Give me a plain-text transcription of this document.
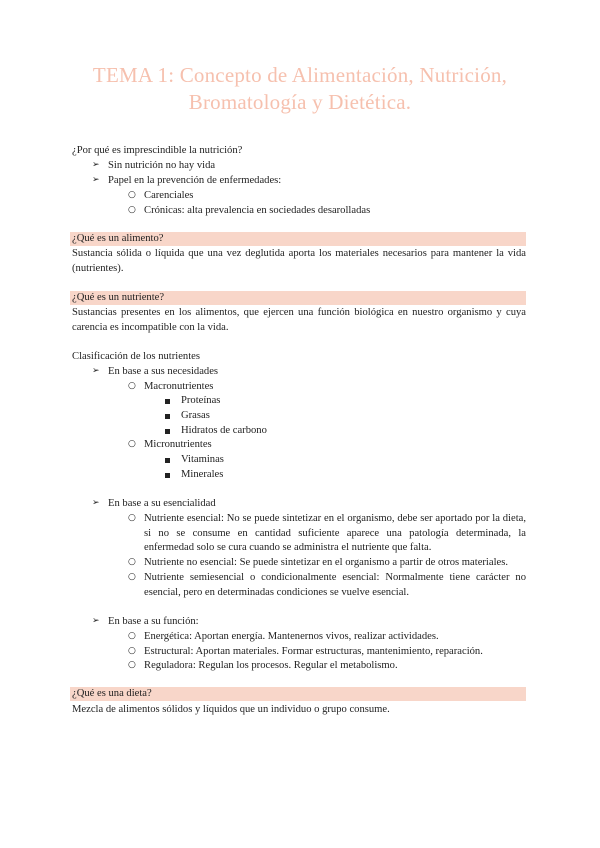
TEMA 1: Concepto de Alimentación, Nutrición,
Bromatología y Dietética.
¿Por qué es imprescindible la nutrición?
➢ Sin nutrición no hay vida
➢ Papel en la prevención de enfermedades:
○ Carenciales
○ Crónicas: alta prevalencia en sociedades desarolladas
¿Qué es un alimento?
Sustancia sólida o líquida que una vez deglutida aporta los materiales necesarios para mantener la vida (nutrientes).
¿Qué es un nutriente?
Sustancias presentes en los alimentos, que ejercen una función biológica en nuestro organismo y cuya carencia es incompatible con la vida.
Clasificación de los nutrientes
➢ En base a sus necesidades
○ Macronutrientes
Proteínas
Grasas
Hidratos de carbono
○ Micronutrientes
Vitaminas
Minerales
➢ En base a su esencialidad
○ Nutriente esencial: No se puede sintetizar en el organismo, debe ser aportado por la dieta, si no se consume en cantidad suficiente aparece una patología determinada, la enfermedad solo se cura cuando se administra el nutriente que falta.
○ Nutriente no esencial: Se puede sintetizar en el organismo a partir de otros materiales.
○ Nutriente semiesencial o condicionalmente esencial: Normalmente tiene carácter no esencial, pero en determinadas condiciones se vuelve esencial.
➢ En base a su función:
○ Energética: Aportan energía. Mantenernos vivos, realizar actividades.
○ Estructural: Aportan materiales. Formar estructuras, mantenimiento, reparación.
○ Reguladora: Regulan los procesos. Regular el metabolismo.
¿Qué es una dieta?
Mezcla de alimentos sólidos y líquidos que un individuo o grupo consume.
